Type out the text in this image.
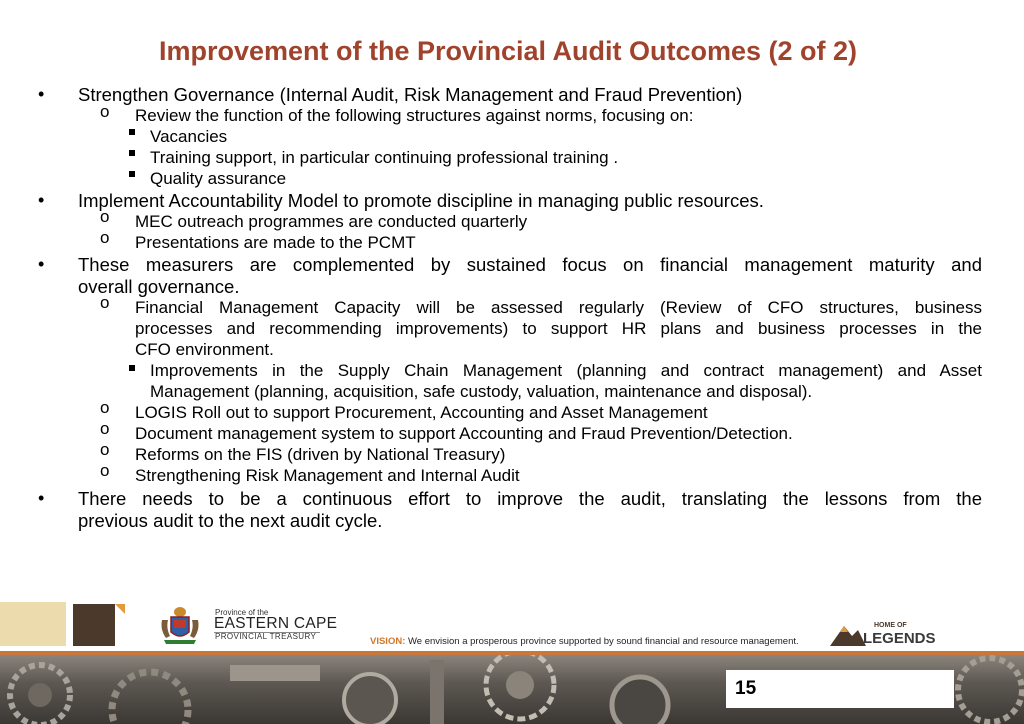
Improvement of the Provincial Audit Outcomes (2 of 2)
• Strengthen Governance (Internal Audit, Risk Management and Fraud Prevention)
o Review the function of the following structures against norms, focusing on:
Vacancies
Training support, in particular continuing professional training .
Quality assurance
• Implement Accountability Model to promote discipline in managing public resources.
o MEC outreach programmes are conducted quarterly
o Presentations are made to the PCMT
• These measurers are complemented by sustained focus on financial management maturity and
overall governance.
o Financial Management Capacity will be assessed regularly (Review of CFO structures, business
processes and recommending improvements) to support HR plans and business processes in the
CFO environment.
Improvements in the Supply Chain Management (planning and contract management) and Asset
Management (planning, acquisition, safe custody, valuation, maintenance and disposal).
o LOGIS Roll out to support Procurement, Accounting and Asset Management
o Document management system to support Accounting and Fraud Prevention/Detection.
o Reforms on the FIS (driven by National Treasury)
o Strengthening Risk Management and Internal Audit
• There needs to be a continuous effort to improve the audit, translating the lessons from the
previous audit to the next audit cycle.
Province of the
EASTERN CAPE
PROVINCIAL TREASURY	VISION: We envision a prosperous province supported by sound financial and resource management.
HOME OF
LEGENDS
15
